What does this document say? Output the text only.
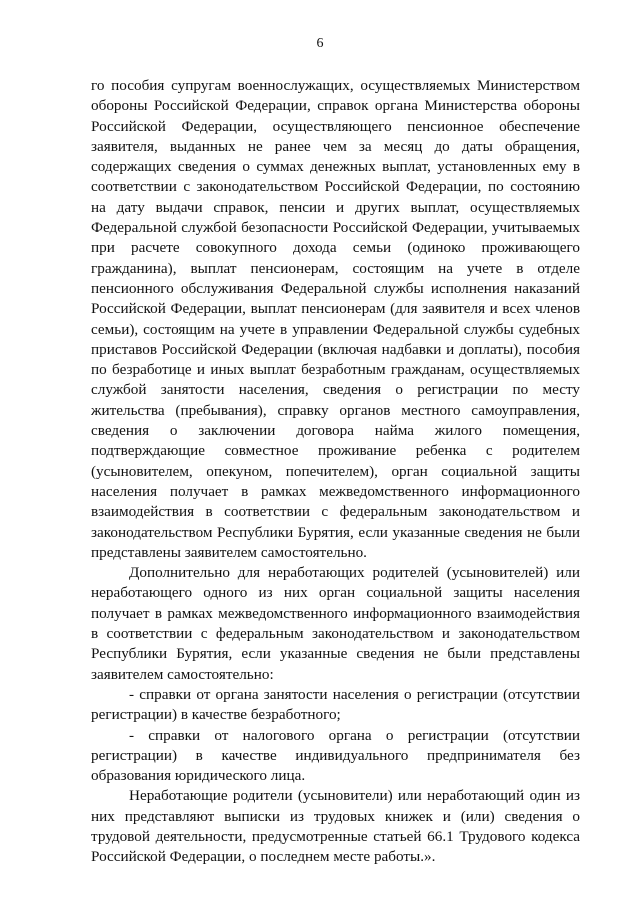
6

го пособия супругам военнослужащих, осуществляемых Министерством обороны Российской Федерации, справок органа Министерства обороны Российской Федерации, осуществляющего пенсионное обеспечение заявителя, выданных не ранее чем за месяц до даты обращения, содержащих сведения о суммах денежных выплат, установленных ему в соответствии с законодательством Российской Федерации, по состоянию на дату выдачи справок, пенсии и других выплат, осуществляемых Федеральной службой безопасности Российской Федерации, учитываемых при расчете совокупного дохода семьи (одиноко проживающего гражданина), выплат пенсионерам, состоящим на учете в отделе пенсионного обслуживания Федеральной службы исполнения наказаний Российской Федерации, выплат пенсионерам (для заявителя и всех членов семьи), состоящим на учете в управлении Федеральной службы судебных приставов Российской Федерации (включая надбавки и доплаты), пособия по безработице и иных выплат безработным гражданам, осуществляемых службой занятости населения, сведения о регистрации по месту жительства (пребывания), справку органов местного самоуправления, сведения о заключении договора найма жилого помещения, подтверждающие совместное проживание ребенка с родителем (усыновителем, опекуном, попечителем), орган социальной защиты населения получает в рамках межведомственного информационного взаимодействия в соответствии с федеральным законодательством и законодательством Республики Бурятия, если указанные сведения не были представлены заявителем самостоятельно.

Дополнительно для неработающих родителей (усыновителей) или неработающего одного из них орган социальной защиты населения получает в рамках межведомственного информационного взаимодействия в соответствии с федеральным законодательством и законодательством Республики Бурятия, если указанные сведения не были представлены заявителем самостоятельно:

- справки от органа занятости населения о регистрации (отсутствии регистрации) в качестве безработного;

- справки от налогового органа о регистрации (отсутствии регистрации) в качестве индивидуального предпринимателя без образования юридического лица.

Неработающие родители (усыновители) или неработающий один из них представляют выписки из трудовых книжек и (или) сведения о трудовой деятельности, предусмотренные статьей 66.1 Трудового кодекса Российской Федерации, о последнем месте работы.».
